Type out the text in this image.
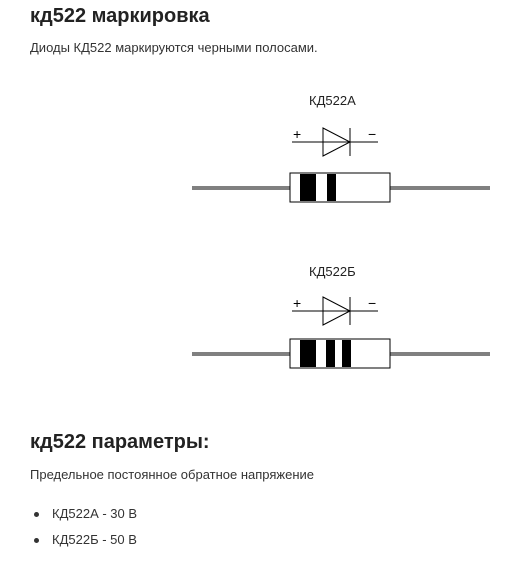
кд522 маркировка

Диоды КД522 маркируются черными полосами.

КД522А
+	−
+	−
КД522Б
кд522 параметры:

Предельное постоянное обратное напряжение

КД522А - 30 В
КД522Б - 50 В
